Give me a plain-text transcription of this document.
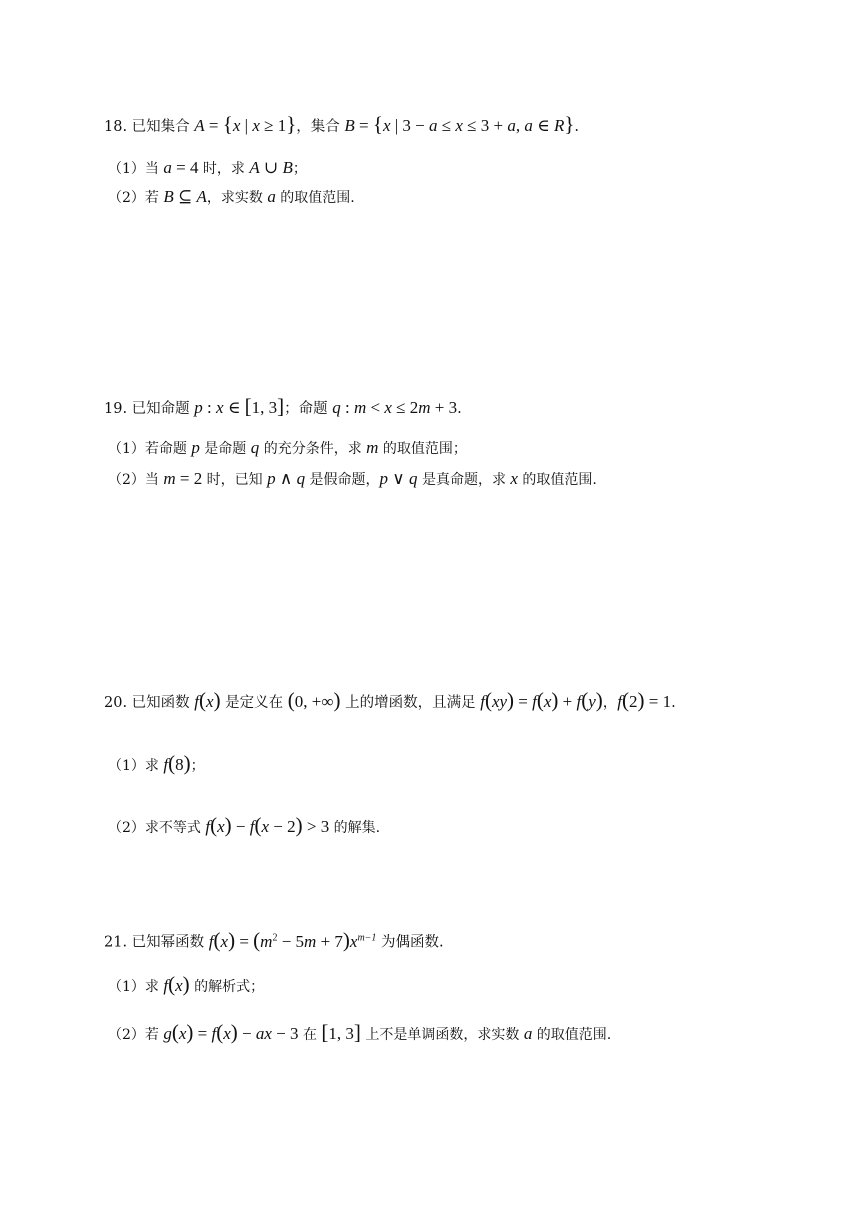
18. 已知集合 A = {x | x ≥ 1}，集合 B = {x | 3 − a ≤ x ≤ 3 + a, a ∈ R}.
（1）当 a = 4 时，求 A ∪ B；
（2）若 B ⊆ A，求实数 a 的取值范围.
19. 已知命题 p : x ∈ [1, 3]；命题 q : m < x ≤ 2m + 3.
（1）若命题 p 是命题 q 的充分条件，求 m 的取值范围；
（2）当 m = 2 时，已知 p ∧ q 是假命题，p ∨ q 是真命题，求 x 的取值范围.
20. 已知函数 f(x) 是定义在 (0, +∞) 上的增函数，且满足 f(xy) = f(x) + f(y)，f(2) = 1.
（1）求 f(8)；
（2）求不等式 f(x) − f(x − 2) > 3 的解集.
21. 已知幂函数 $f(x) = (m^2 - 5m + 7)x^{m-1}$ 为偶函数.
（1）求 f(x) 的解析式；
（2）若 g(x) = f(x) − ax − 3 在 [1, 3] 上不是单调函数，求实数 a 的取值范围.
